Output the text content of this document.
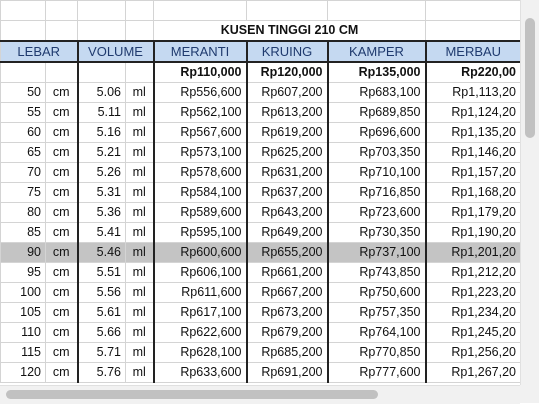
				KUSEN TINGGI 210 CM			
LEBAR		VOLUME		MERANTI	KRUING	KAMPER	MERBAU
				Rp110,000	Rp120,000	Rp135,000	Rp220,00
50	cm	5.06	ml	Rp556,600	Rp607,200	Rp683,100	Rp1,113,20
55	cm	5.11	ml	Rp562,100	Rp613,200	Rp689,850	Rp1,124,20
60	cm	5.16	ml	Rp567,600	Rp619,200	Rp696,600	Rp1,135,20
65	cm	5.21	ml	Rp573,100	Rp625,200	Rp703,350	Rp1,146,20
70	cm	5.26	ml	Rp578,600	Rp631,200	Rp710,100	Rp1,157,20
75	cm	5.31	ml	Rp584,100	Rp637,200	Rp716,850	Rp1,168,20
80	cm	5.36	ml	Rp589,600	Rp643,200	Rp723,600	Rp1,179,20
85	cm	5.41	ml	Rp595,100	Rp649,200	Rp730,350	Rp1,190,20
90	cm	5.46	ml	Rp600,600	Rp655,200	Rp737,100	Rp1,201,20
95	cm	5.51	ml	Rp606,100	Rp661,200	Rp743,850	Rp1,212,20
100	cm	5.56	ml	Rp611,600	Rp667,200	Rp750,600	Rp1,223,20
105	cm	5.61	ml	Rp617,100	Rp673,200	Rp757,350	Rp1,234,20
110	cm	5.66	ml	Rp622,600	Rp679,200	Rp764,100	Rp1,245,20
115	cm	5.71	ml	Rp628,100	Rp685,200	Rp770,850	Rp1,256,20
120	cm	5.76	ml	Rp633,600	Rp691,200	Rp777,600	Rp1,267,20
